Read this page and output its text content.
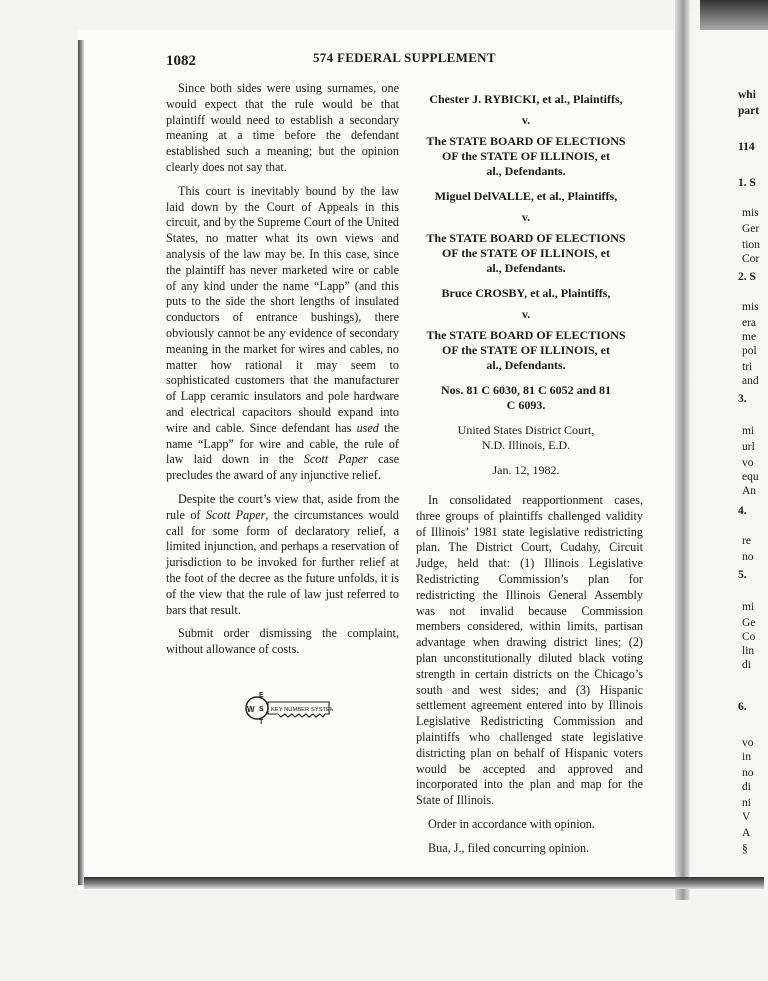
1082	574 FEDERAL SUPPLEMENT

Since both sides were using surnames, one would expect that the rule would be that plaintiff would need to establish a secondary meaning at a time before the defendant established such a meaning; but the opinion clearly does not say that.

This court is inevitably bound by the law laid down by the Court of Appeals in this circuit, and by the Supreme Court of the United States, no matter what its own views and analysis of the law may be. In this case, since the plaintiff has never marketed wire or cable of any kind under the name “Lapp” (and this puts to the side the short lengths of insulated conductors of entrance bushings), there obviously cannot be any evidence of secondary meaning in the market for wires and cables, no matter how rational it may seem to sophisticated customers that the manufacturer of Lapp ceramic insulators and pole hardware and electrical capacitors should expand into wire and cable. Since defendant has used the name “Lapp” for wire and cable, the rule of law laid down in the Scott Paper case precludes the award of any injunctive relief.

Despite the court’s view that, aside from the rule of Scott Paper, the circumstances would call for some form of declaratory relief, a limited injunction, and perhaps a reservation of jurisdiction to be invoked for further relief at the foot of the decree as the future unfolds, it is of the view that the rule of law just referred to bars that result.

Submit order dismissing the complaint, without allowance of costs.

W
E
S
T
KEY NUMBER SYSTEM
Chester J. RYBICKI, et al., Plaintiffs,
v.
The STATE BOARD OF ELECTIONS
OF the STATE OF ILLINOIS, et
al., Defendants.
Miguel DelVALLE, et al., Plaintiffs,
v.
The STATE BOARD OF ELECTIONS
OF the STATE OF ILLINOIS, et
al., Defendants.
Bruce CROSBY, et al., Plaintiffs,
v.
The STATE BOARD OF ELECTIONS
OF the STATE OF ILLINOIS, et
al., Defendants.
Nos. 81 C 6030, 81 C 6052 and 81
C 6093.
United States District Court,
N.D. Illinois, E.D.
Jan. 12, 1982.

In consolidated reapportionment cases, three groups of plaintiffs challenged validity of Illinois’ 1981 state legislative redistricting plan. The District Court, Cudahy, Circuit Judge, held that: (1) Illinois Legislative Redistricting Commission’s plan for redistricting the Illinois General Assembly was not invalid because Commission members considered, within limits, partisan advantage when drawing district lines; (2) plan unconstitutionally diluted black voting strength in certain districts on the Chicago’s south and west sides; and (3) Hispanic settlement agreement entered into by Illinois Legislative Redistricting Commission and plaintiffs who challenged state legislative districting plan on behalf of Hispanic voters would be accepted and approved and incorporated into the plan and map for the State of Illinois.

Order in accordance with opinion.

Bua, J., filed concurring opinion.

whi
part
114
1. S
mis
Ger
tion
Cor
2. S
mis
era
me
pol
tri
and
3.
mi
url
vo
equ
An
4.
re
no
5.
mi
Ge
Co
lin
di
6.
vo
in
no
di
ni
V
A
§
